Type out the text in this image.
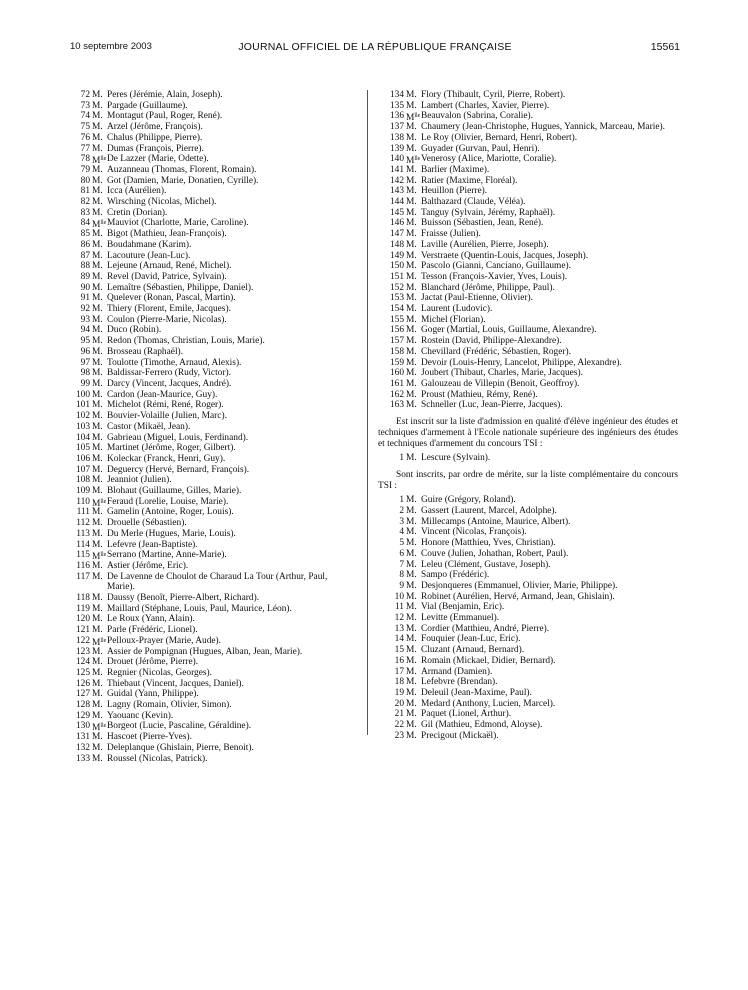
10 septembre 2003	JOURNAL OFFICIEL DE LA RÉPUBLIQUE FRANÇAISE	15561
72 M. Peres (Jérémie, Alain, Joseph).
73 M. Pargade (Guillaume).
74 M. Montagut (Paul, Roger, René).
75 M. Arzel (Jérôme, François).
76 M. Chalus (Philippe, Pierre).
77 M. Dumas (François, Pierre).
78 $M^{lle}$ De Lazzer (Marie, Odette).
79 M. Auzanneau (Thomas, Florent, Romain).
80 M. Got (Damien, Marie, Donatien, Cyrille).
81 M. Icca (Aurélien).
82 M. Wirsching (Nicolas, Michel).
83 M. Cretin (Dorian).
84 $M^{lle}$ Mauviot (Charlotte, Marie, Caroline).
85 M. Bigot (Mathieu, Jean-François).
86 M. Boudahmane (Karim).
87 M. Lacouture (Jean-Luc).
88 M. Lejeune (Arnaud, René, Michel).
89 M. Revel (David, Patrice, Sylvain).
90 M. Lemaître (Sébastien, Philippe, Daniel).
91 M. Quelever (Ronan, Pascal, Martin).
92 M. Thiery (Florent, Emile, Jacques).
93 M. Coulon (Pierre-Marie, Nicolas).
94 M. Duco (Robin).
95 M. Redon (Thomas, Christian, Louis, Marie).
96 M. Brosseau (Raphaël).
97 M. Toulotte (Timothe, Arnaud, Alexis).
98 M. Baldissar-Ferrero (Rudy, Victor).
99 M. Darcy (Vincent, Jacques, André).
100 M. Cardon (Jean-Maurice, Guy).
101 M. Michelot (Rémi, René, Roger).
102 M. Bouvier-Volaille (Julien, Marc).
103 M. Castor (Mikaël, Jean).
104 M. Gabrieau (Miguel, Louis, Ferdinand).
105 M. Martinet (Jérôme, Roger, Gilbert).
106 M. Koleckar (Franck, Henri, Guy).
107 M. Deguercy (Hervé, Bernard, François).
108 M. Jeanniot (Julien).
109 M. Blohaut (Guillaume, Gilles, Marie).
110 $M^{lle}$ Feraud (Lorelie, Louise, Marie).
111 M. Gamelin (Antoine, Roger, Louis).
112 M. Drouelle (Sébastien).
113 M. Du Merle (Hugues, Marie, Louis).
114 M. Lefevre (Jean-Baptiste).
115 $M^{lle}$ Serrano (Martine, Anne-Marie).
116 M. Astier (Jérôme, Eric).
117 M. De Lavenne de Choulot de Charaud La Tour (Arthur, Paul, Marie).
118 M. Daussy (Benoît, Pierre-Albert, Richard).
119 M. Maillard (Stéphane, Louis, Paul, Maurice, Léon).
120 M. Le Roux (Yann, Alain).
121 M. Parle (Frédéric, Lionel).
122 $M^{lle}$ Pelloux-Prayer (Marie, Aude).
123 M. Assier de Pompignan (Hugues, Alban, Jean, Marie).
124 M. Drouet (Jérôme, Pierre).
125 M. Regnier (Nicolas, Georges).
126 M. Thiebaut (Vincent, Jacques, Daniel).
127 M. Guidal (Yann, Philippe).
128 M. Lagny (Romain, Olivier, Simon).
129 M. Yaouanc (Kevin).
130 $M^{lle}$ Borgeot (Lucie, Pascaline, Géraldine).
131 M. Hascoet (Pierre-Yves).
132 M. Deleplanque (Ghislain, Pierre, Benoit).
133 M. Roussel (Nicolas, Patrick).
134 M. Flory (Thibault, Cyril, Pierre, Robert).
135 M. Lambert (Charles, Xavier, Pierre).
136 $M^{lle}$ Beauvalon (Sabrina, Coralie).
137 M. Chaumery (Jean-Christophe, Hugues, Yannick, Marceau, Marie).
138 M. Le Roy (Olivier, Bernard, Henri, Robert).
139 M. Guyader (Gurvan, Paul, Henri).
140 $M^{lle}$ Venerosy (Alice, Mariotte, Coralie).
141 M. Barlier (Maxime).
142 M. Ratier (Maxime, Floréal).
143 M. Heuillon (Pierre).
144 M. Balthazard (Claude, Véléa).
145 M. Tanguy (Sylvain, Jérémy, Raphaël).
146 M. Buisson (Sébastien, Jean, René).
147 M. Fraisse (Julien).
148 M. Laville (Aurélien, Pierre, Joseph).
149 M. Verstraete (Quentin-Louis, Jacques, Joseph).
150 M. Pascolo (Gianni, Canciano, Guillaume).
151 M. Tesson (François-Xavier, Yves, Louis).
152 M. Blanchard (Jérôme, Philippe, Paul).
153 M. Jactat (Paul-Etienne, Olivier).
154 M. Laurent (Ludovic).
155 M. Michel (Florian).
156 M. Goger (Martial, Louis, Guillaume, Alexandre).
157 M. Rostein (David, Philippe-Alexandre).
158 M. Chevillard (Frédéric, Sébastien, Roger).
159 M. Devoir (Louis-Henry, Lancelot, Philippe, Alexandre).
160 M. Joubert (Thibaut, Charles, Marie, Jacques).
161 M. Galouzeau de Villepin (Benoit, Geoffroy).
162 M. Proust (Mathieu, Rémy, René).
163 M. Schneller (Luc, Jean-Pierre, Jacques).

Est inscrit sur la liste d'admission en qualité d'élève ingénieur des études et techniques d'armement à l'Ecole nationale supérieure des ingénieurs des études et techniques d'armement du concours TSI :

1 M. Lescure (Sylvain).

Sont inscrits, par ordre de mérite, sur la liste complémentaire du concours TSI :

1 M. Guire (Grégory, Roland).
2 M. Gassert (Laurent, Marcel, Adolphe).
3 M. Millecamps (Antoine, Maurice, Albert).
4 M. Vincent (Nicolas, François).
5 M. Honore (Matthieu, Yves, Christian).
6 M. Couve (Julien, Johathan, Robert, Paul).
7 M. Leleu (Clément, Gustave, Joseph).
8 M. Sampo (Frédéric).
9 M. Desjonqueres (Emmanuel, Olivier, Marie, Philippe).
10 M. Robinet (Aurélien, Hervé, Armand, Jean, Ghislain).
11 M. Vial (Benjamin, Eric).
12 M. Levitte (Emmanuel).
13 M. Cordier (Matthieu, André, Pierre).
14 M. Fouquier (Jean-Luc, Eric).
15 M. Cluzant (Arnaud, Bernard).
16 M. Romain (Mickael, Didier, Bernard).
17 M. Armand (Damien).
18 M. Lefebvre (Brendan).
19 M. Deleuil (Jean-Maxime, Paul).
20 M. Medard (Anthony, Lucien, Marcel).
21 M. Paquet (Lionel, Arthur).
22 M. Gil (Mathieu, Edmond, Aloyse).
23 M. Precigout (Mickaël).
